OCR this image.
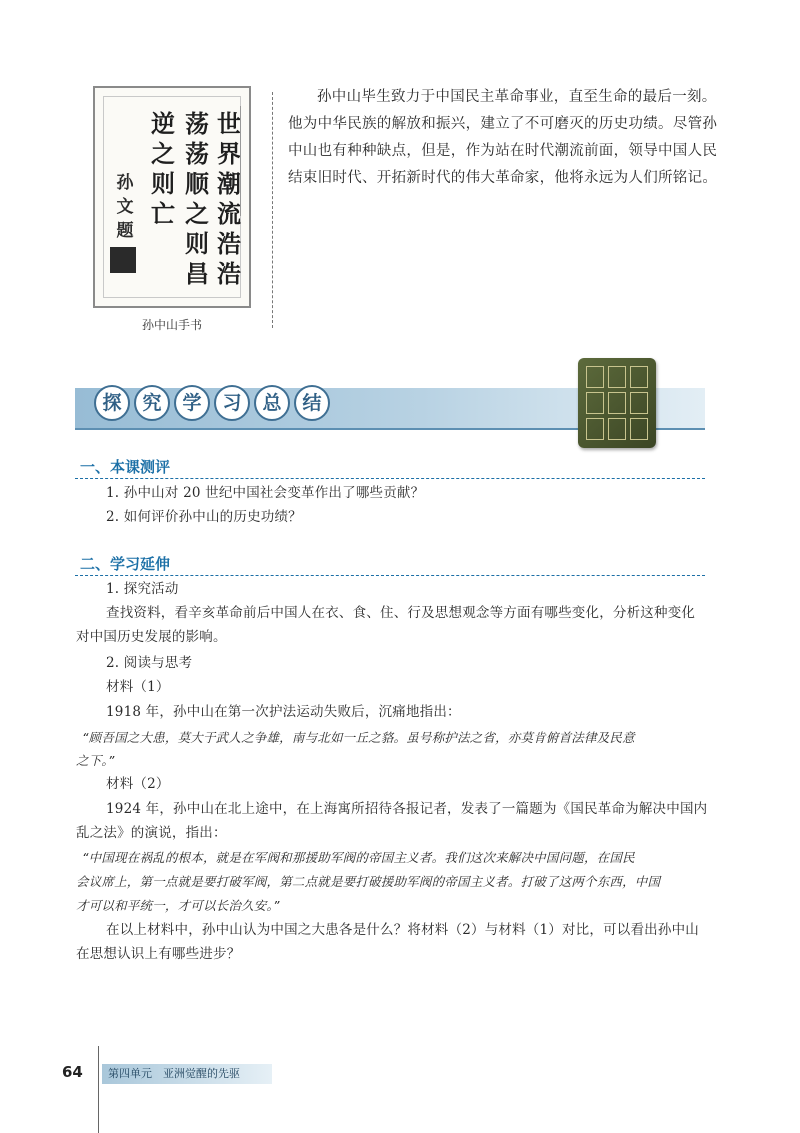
世界潮流浩浩
荡荡顺之则昌
逆之则亡
孙文题
孙中山手书

孙中山毕生致力于中国民主革命事业，直至生命的最后一刻。他为中华民族的解放和振兴，建立了不可磨灭的历史功绩。尽管孙中山也有种种缺点，但是，作为站在时代潮流前面，领导中国人民结束旧时代、开拓新时代的伟大革命家，他将永远为人们所铭记。

探	究	学	习	总	结
一、本课测评

1. 孙中山对 20 世纪中国社会变革作出了哪些贡献？

2. 如何评价孙中山的历史功绩？

二、学习延伸

1. 探究活动

查找资料，看辛亥革命前后中国人在衣、食、住、行及思想观念等方面有哪些变化，分析这种变化

对中国历史发展的影响。

2. 阅读与思考

材料（1）

1918 年，孙中山在第一次护法运动失败后，沉痛地指出：

“顾吾国之大患，莫大于武人之争雄，南与北如一丘之貉。虽号称护法之省，亦莫肯俯首法律及民意

之下。”

材料（2）

1924 年，孙中山在北上途中，在上海寓所招待各报记者，发表了一篇题为《国民革命为解决中国内

乱之法》的演说，指出：

“中国现在祸乱的根本，就是在军阀和那援助军阀的帝国主义者。我们这次来解决中国问题，在国民

会议席上，第一点就是要打破军阀，第二点就是要打破援助军阀的帝国主义者。打破了这两个东西，中国

才可以和平统一，才可以长治久安。”

在以上材料中，孙中山认为中国之大患各是什么？将材料（2）与材料（1）对比，可以看出孙中山

在思想认识上有哪些进步？

64	第四单元　亚洲觉醒的先驱
